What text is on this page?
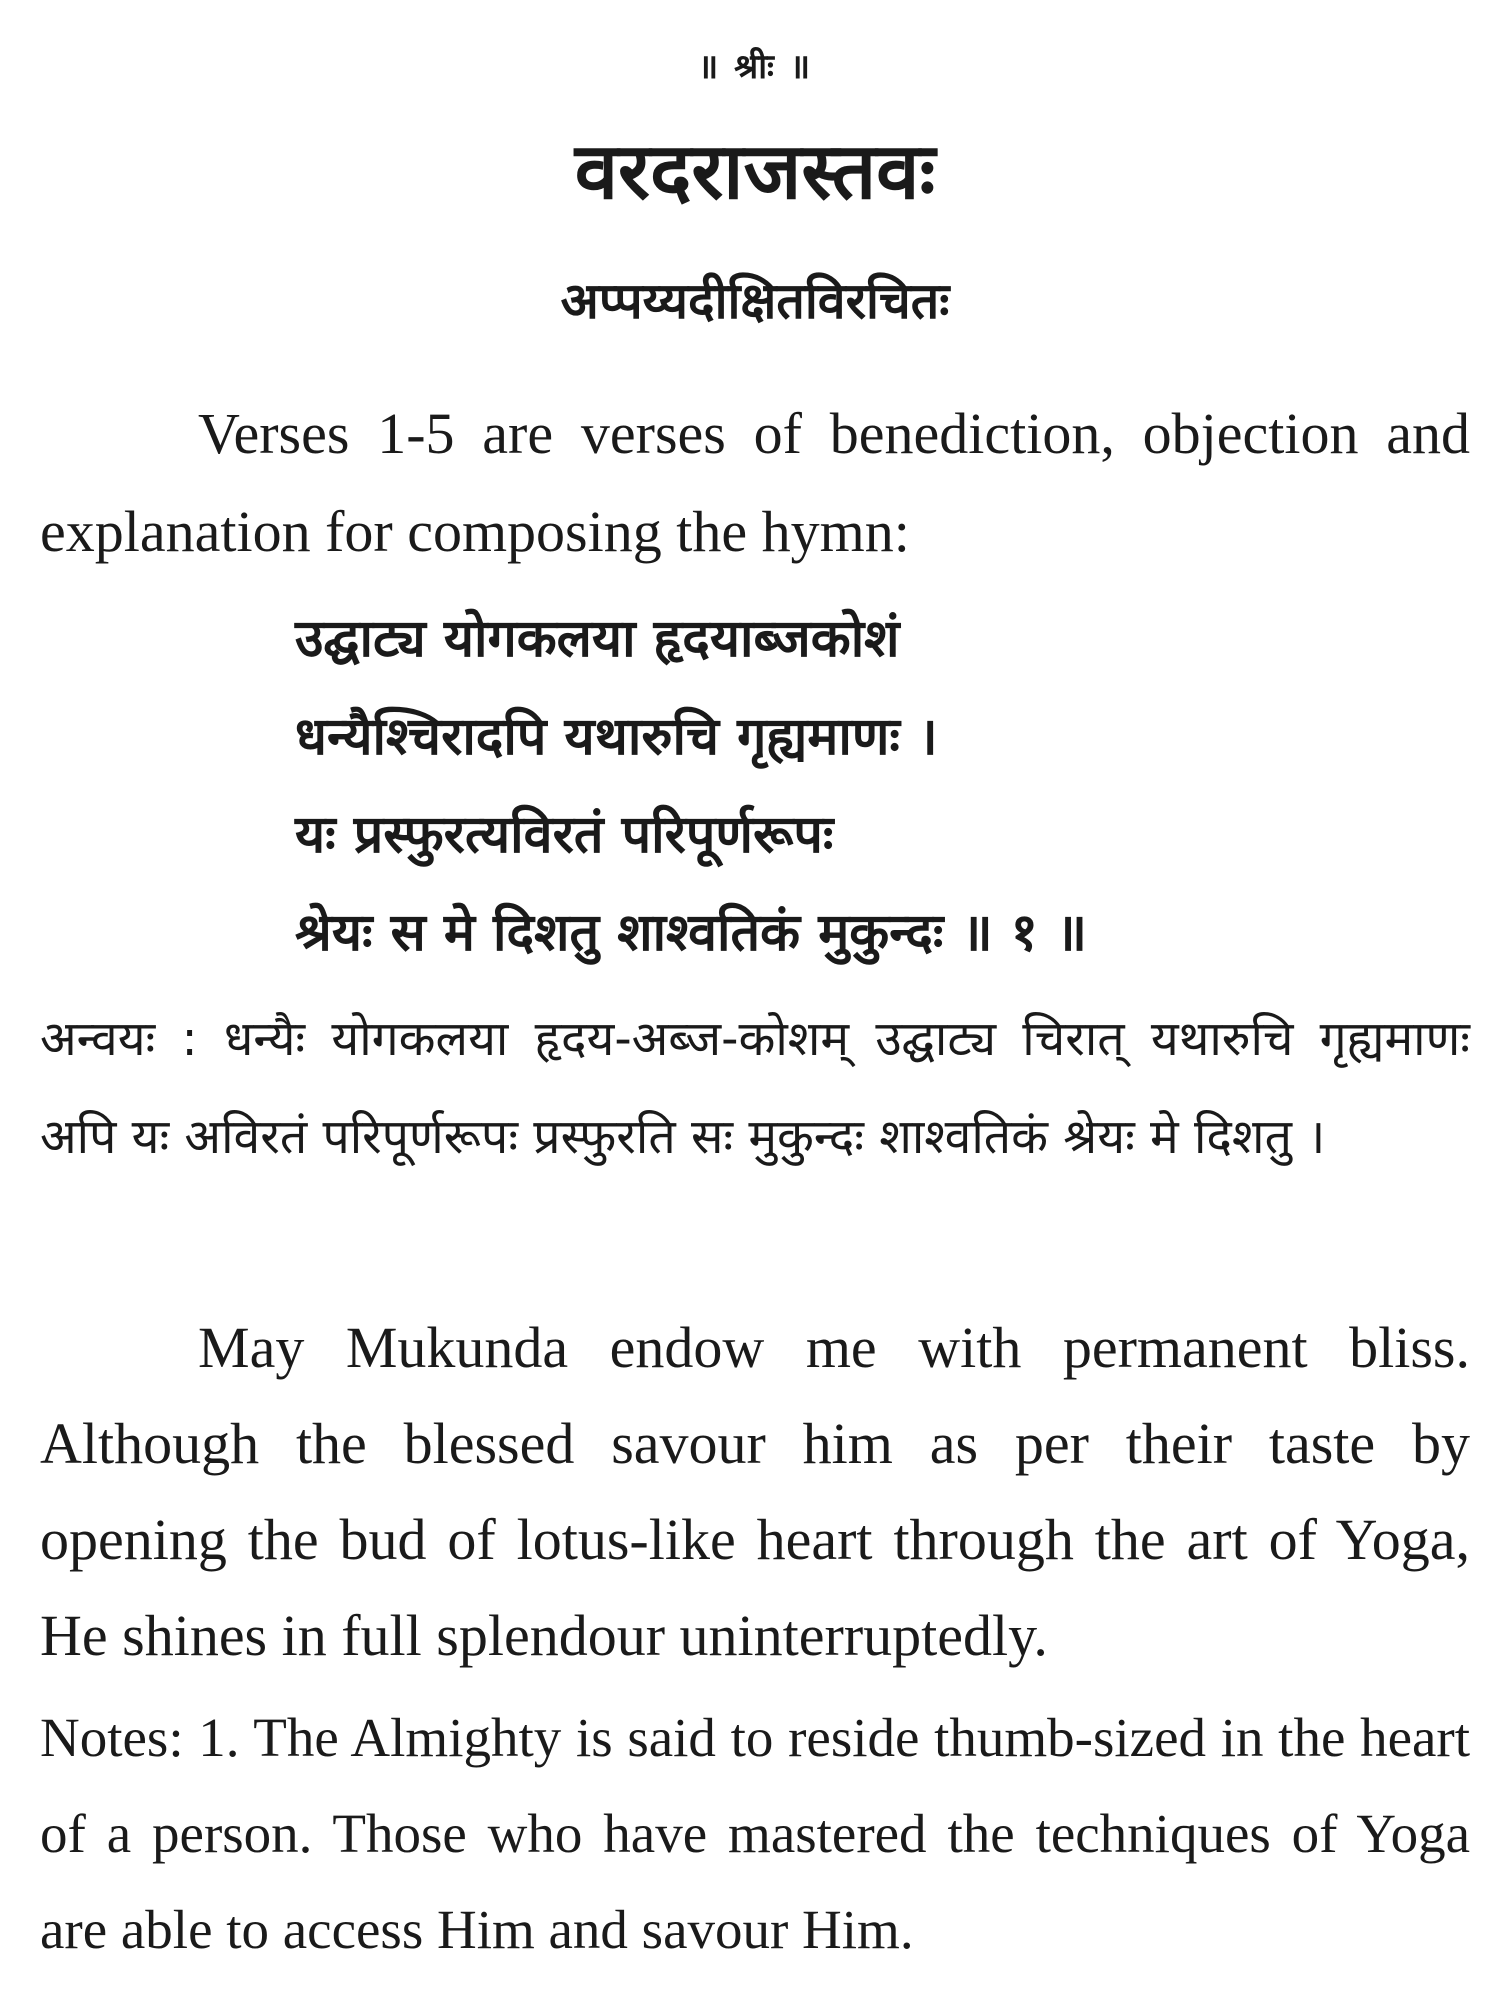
॥ श्रीः ॥
वरदराजस्तवः
अप्पय्यदीक्षितविरचितः

Verses 1-5 are verses of benediction, objection and explanation for composing the hymn:

उद्घाट्य योगकलया हृदयाब्जकोशं
धन्यैश्चिरादपि यथारुचि गृह्यमाणः ।
यः प्रस्फुरत्यविरतं परिपूर्णरूपः
श्रेयः स मे दिशतु शाश्वतिकं मुकुन्दः ॥ १ ॥

अन्वयः : धन्यैः योगकलया हृदय-अब्ज-कोशम् उद्घाट्य चिरात् यथारुचि गृह्यमाणः अपि यः अविरतं परिपूर्णरूपः प्रस्फुरति सः मुकुन्दः शाश्वतिकं श्रेयः मे दिशतु ।

May Mukunda endow me with permanent bliss. Although the blessed savour him as per their taste by opening the bud of lotus-like heart through the art of Yoga, He shines in full splendour uninterruptedly.

Notes: 1. The Almighty is said to reside thumb-sized in the heart of a person. Those who have mastered the techniques of Yoga are able to access Him and savour Him.
